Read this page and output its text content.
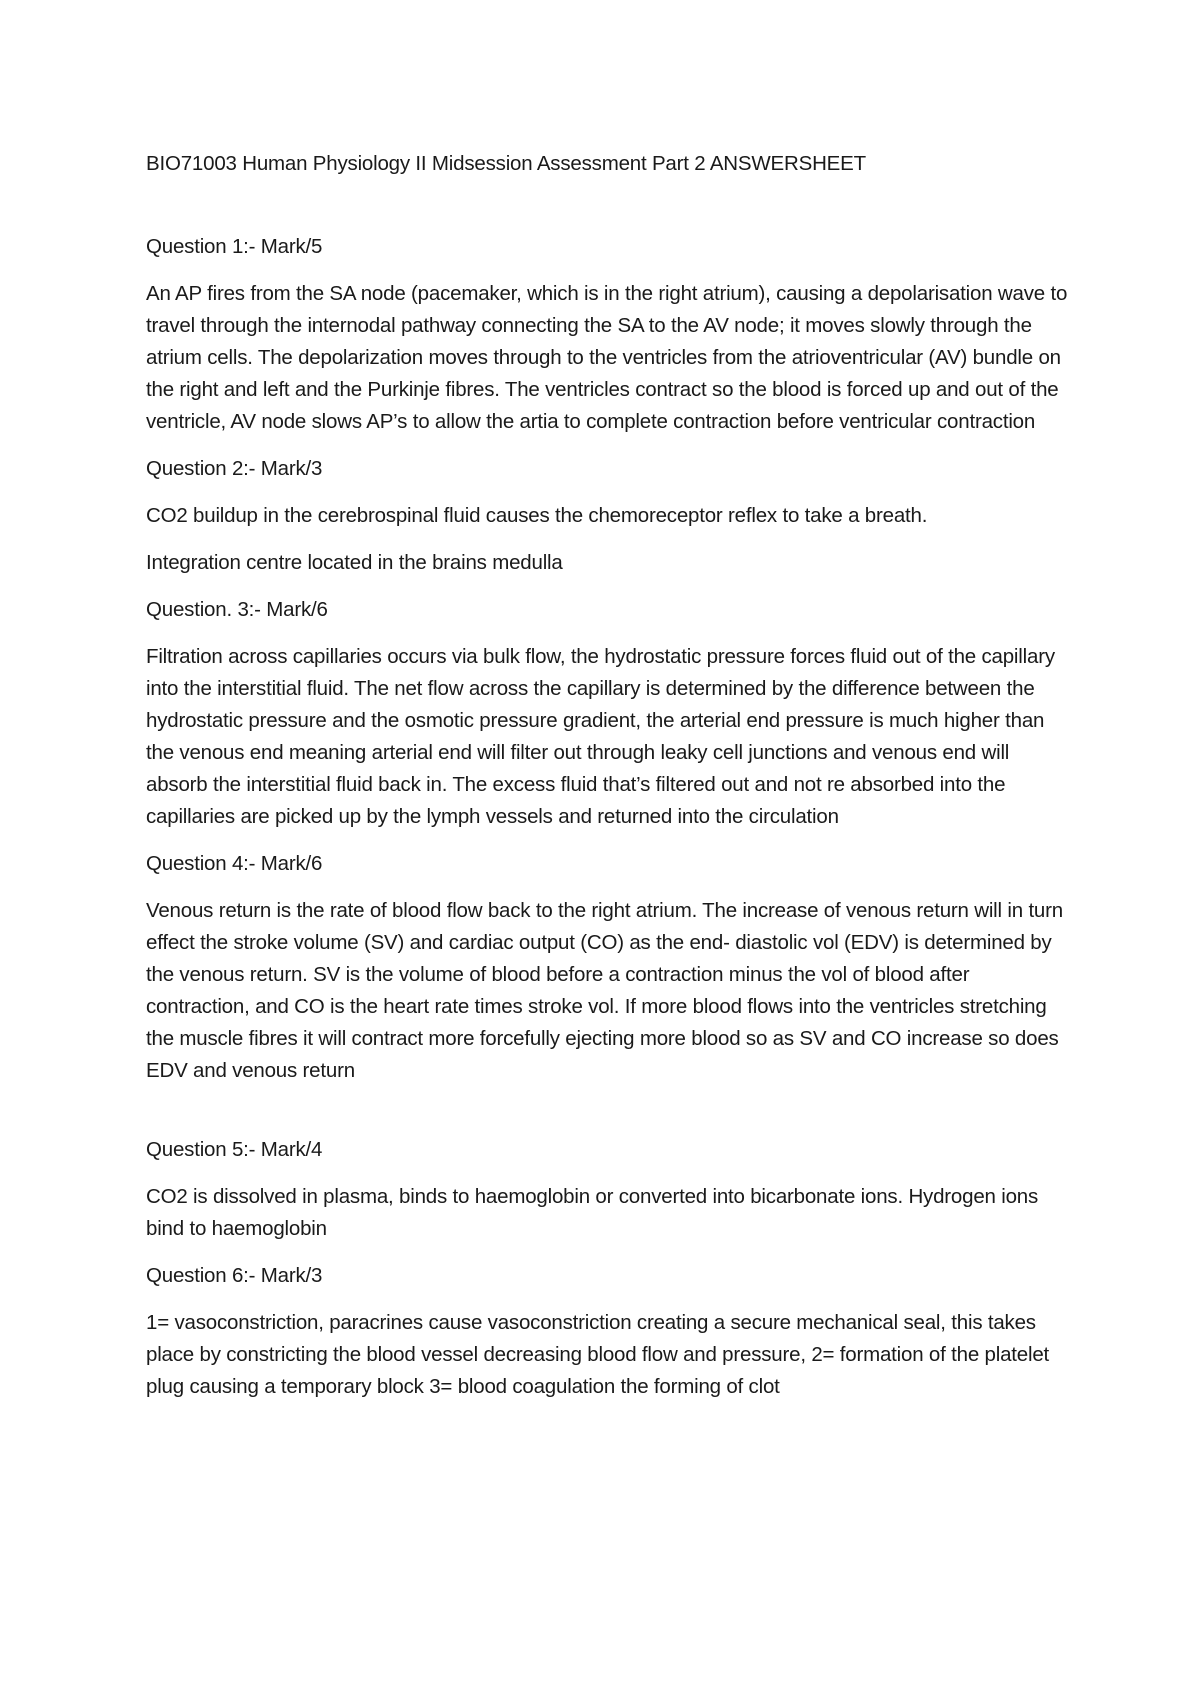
BIO71003 Human Physiology II Midsession Assessment Part 2 ANSWERSHEET

Question 1:- Mark/5

An AP fires from the SA node (pacemaker, which is in the right atrium), causing a depolarisation wave to travel through the internodal pathway connecting the SA to the AV node; it moves slowly through the atrium cells. The depolarization moves through to the ventricles from the atrioventricular (AV) bundle on the right and left and the Purkinje fibres. The ventricles contract so the blood is forced up and out of the ventricle, AV node slows AP’s to allow the artia to complete contraction before ventricular contraction

Question 2:- Mark/3

CO2 buildup in the cerebrospinal fluid causes the chemoreceptor reflex to take a breath.

Integration centre located in the brains medulla

Question. 3:- Mark/6

Filtration across capillaries occurs via bulk flow, the hydrostatic pressure forces fluid out of the capillary into the interstitial fluid. The net flow across the capillary is determined by the difference between the hydrostatic pressure and the osmotic pressure gradient, the arterial end pressure is much higher than the venous end meaning arterial end will filter out through leaky cell junctions and venous end will absorb the interstitial fluid back in. The excess fluid that’s filtered out and not re absorbed into the capillaries are picked up by the lymph vessels and returned into the circulation

Question 4:- Mark/6

Venous return is the rate of blood flow back to the right atrium. The increase of venous return will in turn effect the stroke volume (SV) and cardiac output (CO) as the end- diastolic vol (EDV) is determined by the venous return. SV is the volume of blood before a contraction minus the vol of blood after contraction, and CO is the heart rate times stroke vol. If more blood flows into the ventricles stretching the muscle fibres it will contract more forcefully ejecting more blood so as SV and CO increase so does EDV and venous return

Question 5:- Mark/4

CO2 is dissolved in plasma, binds to haemoglobin or converted into bicarbonate ions. Hydrogen ions bind to haemoglobin

Question 6:- Mark/3

1= vasoconstriction, paracrines cause vasoconstriction creating a secure mechanical seal, this takes place by constricting the blood vessel decreasing blood flow and pressure, 2= formation of the platelet plug causing a temporary block 3= blood coagulation the forming of clot
